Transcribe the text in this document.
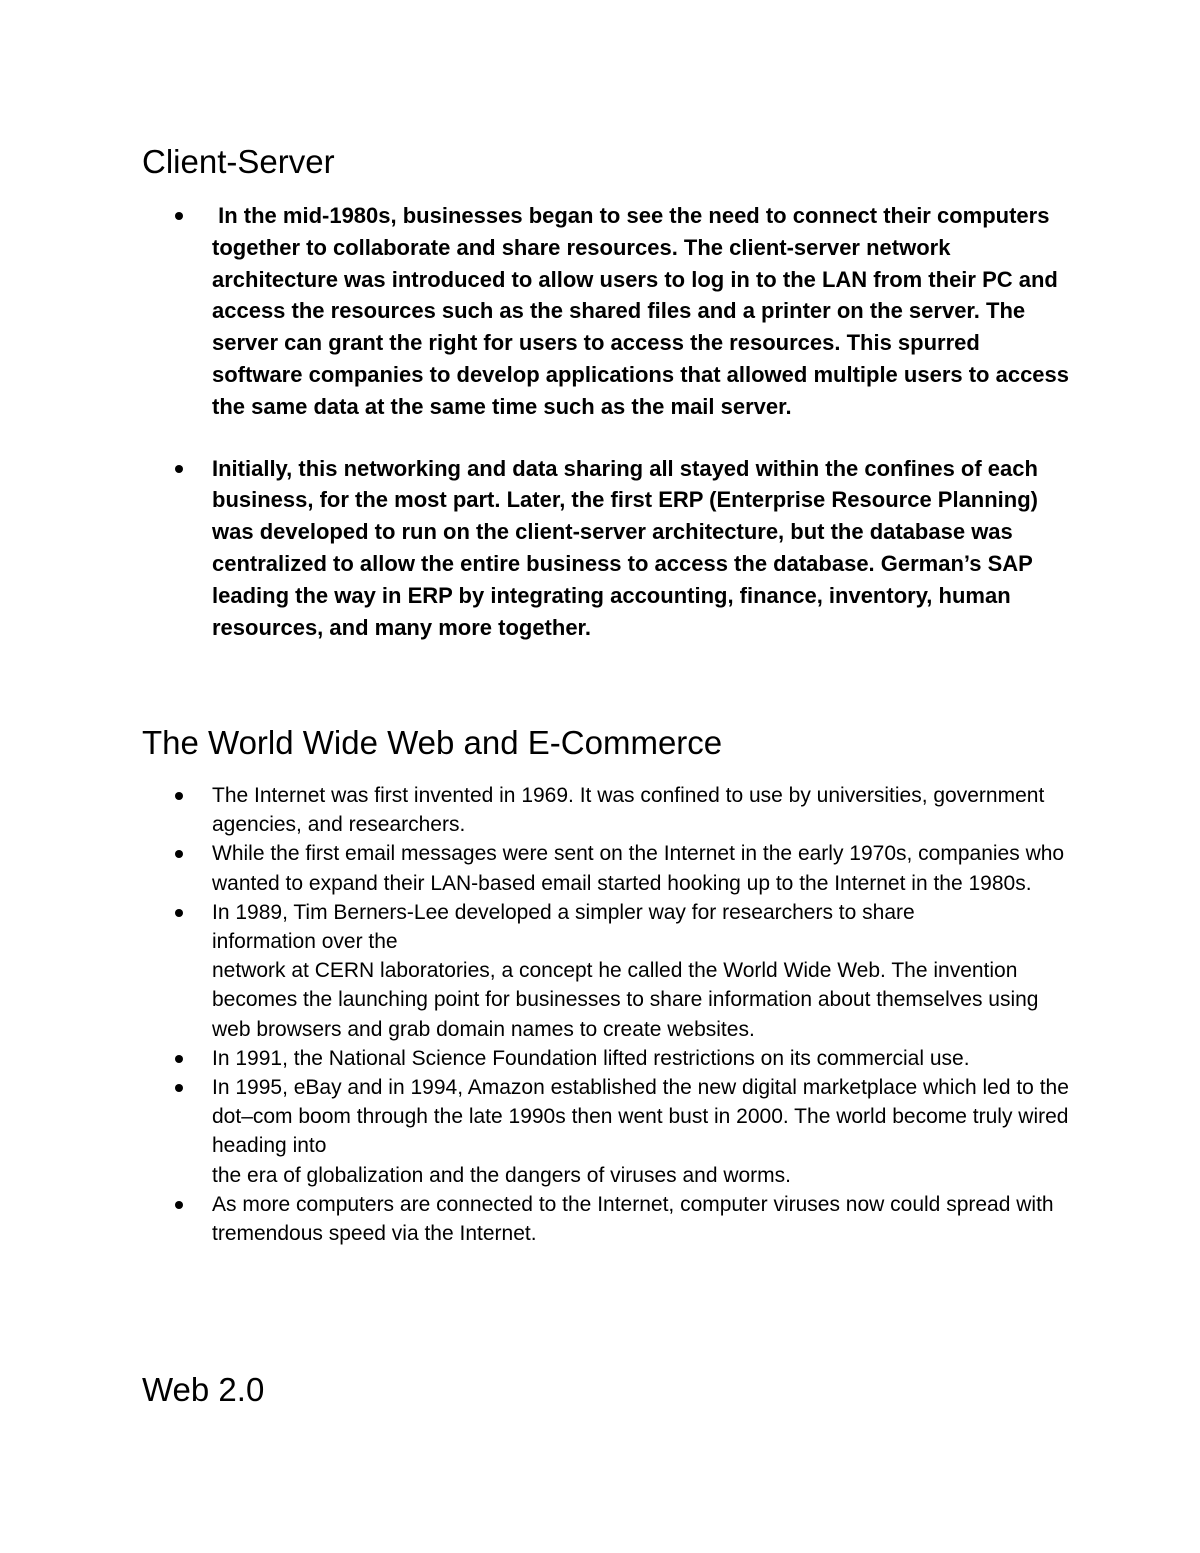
Client-Server
In the mid-1980s, businesses began to see the need to connect their computers together to collaborate and share resources. The client-server network architecture was introduced to allow users to log in to the LAN from their PC and access the resources such as the shared files and a printer on the server. The server can grant the right for users to access the resources. This spurred software companies to develop applications that allowed multiple users to access the same data at the same time such as the mail server.
Initially, this networking and data sharing all stayed within the confines of each business, for the most part. Later, the first ERP (Enterprise Resource Planning) was developed to run on the client-server architecture, but the database was centralized to allow the entire business to access the database. German’s SAP leading the way in ERP by integrating accounting, finance, inventory, human resources, and many more together.
The World Wide Web and E-Commerce
The Internet was first invented in 1969. It was confined to use by universities, government agencies, and researchers.
While the first email messages were sent on the Internet in the early 1970s, companies who wanted to expand their LAN-based email started hooking up to the Internet in the 1980s.
In 1989, Tim Berners-Lee developed a simpler way for researchers to share information over the
network at CERN laboratories, a concept he called the World Wide Web. The invention becomes the launching point for businesses to share information about themselves using web browsers and grab domain names to create websites.
In 1991, the National Science Foundation lifted restrictions on its commercial use.
In 1995, eBay and in 1994, Amazon established the new digital marketplace which led to the dot–com boom through the late 1990s then went bust in 2000. The world become truly wired heading into
the era of globalization and the dangers of viruses and worms.
As more computers are connected to the Internet, computer viruses now could spread with tremendous speed via the Internet.
Web 2.0
